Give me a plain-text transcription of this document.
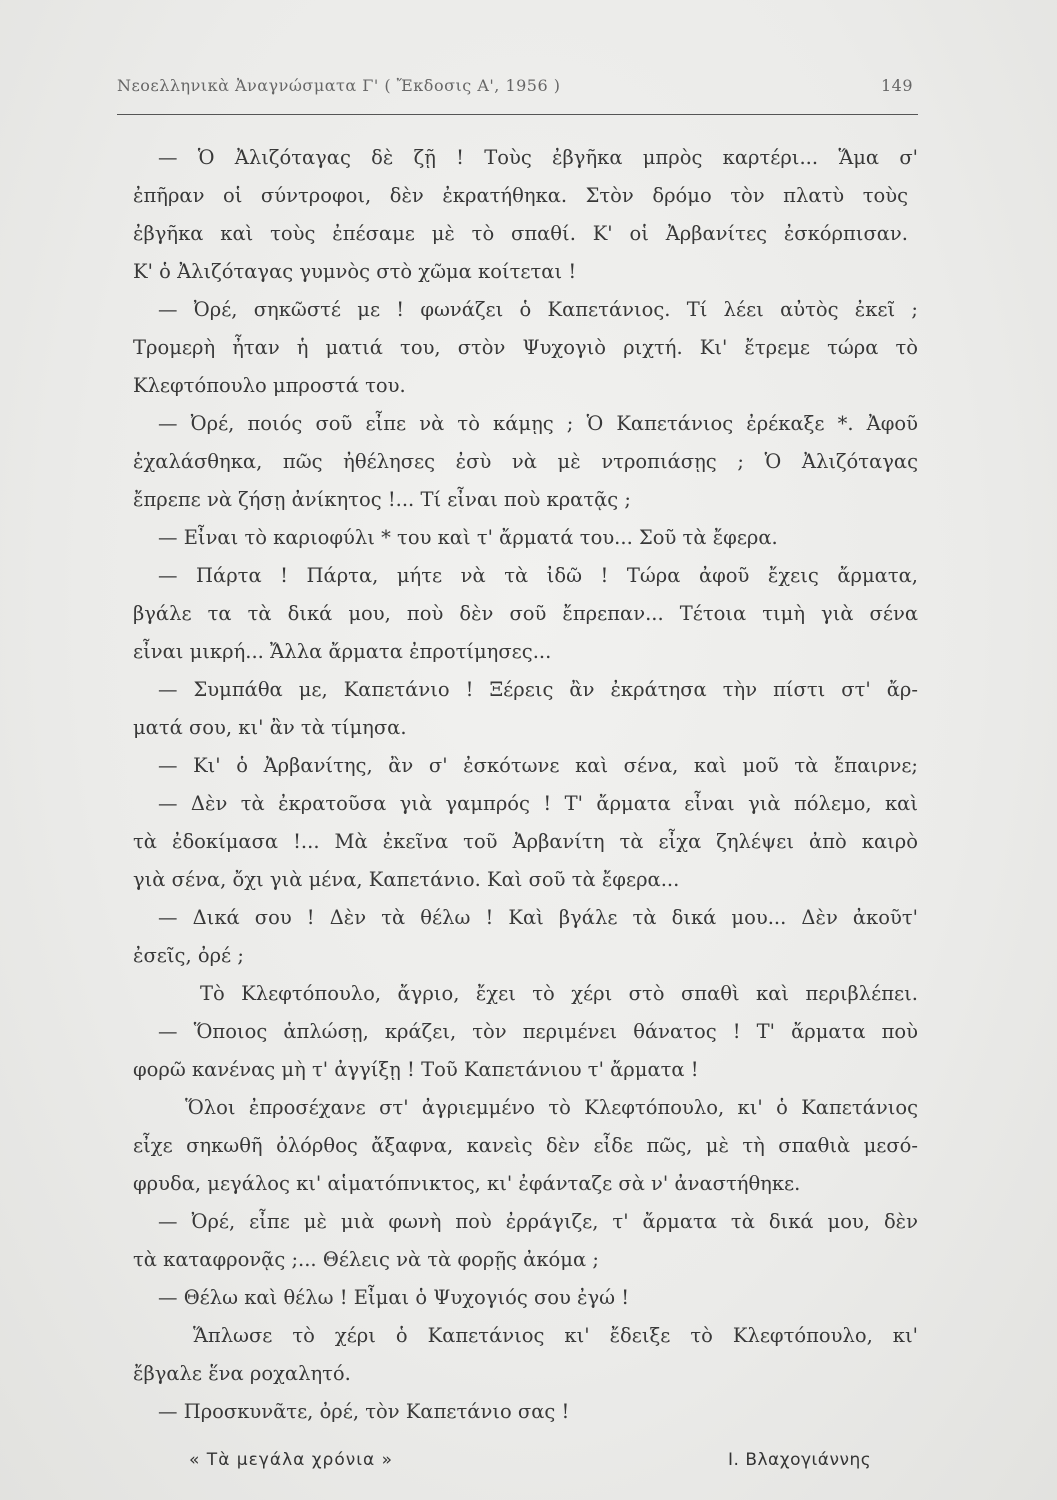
Νεοελληνικὰ Ἀναγνώσματα Γ' ( Ἔκδοσις Α', 1956 )	149
— Ὁ Ἀλιζόταγας δὲ ζῇ ! Τοὺς ἐβγῆκα μπρὸς καρτέρι... Ἅμα σ'
ἐπῆραν οἱ σύντροφοι, δὲν ἐκρατήθηκα. Στὸν δρόμο τὸν πλατὺ τοὺς
ἐβγῆκα καὶ τοὺς ἐπέσαμε μὲ τὸ σπαθί. Κ' οἱ Ἀρβανίτες ἐσκόρπισαν.
Κ' ὁ Ἀλιζόταγας γυμνὸς στὸ χῶμα κοίτεται !
— Ὀρέ, σηκῶστέ με ! φωνάζει ὁ Καπετάνιος. Τί λέει αὐτὸς ἐκεῖ ;
Τρομερὴ ἦταν ἡ ματιά του, στὸν Ψυχογιὸ ριχτή. Κι' ἔτρεμε τώρα τὸ
Κλεφτόπουλο μπροστά του.
— Ὀρέ, ποιός σοῦ εἶπε νὰ τὸ κάμῃς ; Ὁ Καπετάνιος ἐρέκαξε *. Ἀφοῦ
ἐχαλάσθηκα, πῶς ἠθέλησες ἐσὺ νὰ μὲ ντροπιάσῃς ; Ὁ Ἀλιζόταγας
ἔπρεπε νὰ ζήσῃ ἀνίκητος !... Τί εἶναι ποὺ κρατᾷς ;
— Εἶναι τὸ καριοφύλι * του καὶ τ' ἄρματά του... Σοῦ τὰ ἔφερα.
— Πάρτα ! Πάρτα, μήτε νὰ τὰ ἰδῶ ! Τώρα ἀφοῦ ἔχεις ἄρματα,
βγάλε τα τὰ δικά μου, ποὺ δὲν σοῦ ἔπρεπαν... Τέτοια τιμὴ γιὰ σένα
εἶναι μικρή... Ἄλλα ἄρματα ἐπροτίμησες...
— Συμπάθα με, Καπετάνιο ! Ξέρεις ἂν ἐκράτησα τὴν πίστι στ' ἄρ-
ματά σου, κι' ἂν τὰ τίμησα.
— Κι' ὁ Ἀρβανίτης, ἂν σ' ἐσκότωνε καὶ σένα, καὶ μοῦ τὰ ἔπαιρνε;
— Δὲν τὰ ἐκρατοῦσα γιὰ γαμπρός ! Τ' ἄρματα εἶναι γιὰ πόλεμο, καὶ
τὰ ἐδοκίμασα !... Μὰ ἐκεῖνα τοῦ Ἀρβανίτη τὰ εἶχα ζηλέψει ἀπὸ καιρὸ
γιὰ σένα, ὄχι γιὰ μένα, Καπετάνιο. Καὶ σοῦ τὰ ἔφερα...
— Δικά σου ! Δὲν τὰ θέλω ! Καὶ βγάλε τὰ δικά μου... Δὲν ἀκοῦτ'
ἐσεῖς, ὀρέ ;
Τὸ Κλεφτόπουλο, ἄγριο, ἔχει τὸ χέρι στὸ σπαθὶ καὶ περιβλέπει.
— Ὅποιος ἁπλώσῃ, κράζει, τὸν περιμένει θάνατος ! Τ' ἄρματα ποὺ
φορῶ κανένας μὴ τ' ἀγγίξῃ ! Τοῦ Καπετάνιου τ' ἄρματα !
Ὅλοι ἐπροσέχανε στ' ἀγριεμμένο τὸ Κλεφτόπουλο, κι' ὁ Καπετάνιος
εἶχε σηκωθῆ ὀλόρθος ἄξαφνα, κανεὶς δὲν εἶδε πῶς, μὲ τὴ σπαθιὰ μεσό-
φρυδα, μεγάλος κι' αἱματόπνικτος, κι' ἐφάνταζε σὰ ν' ἀναστήθηκε.
— Ὀρέ, εἶπε μὲ μιὰ φωνὴ ποὺ ἐρράγιζε, τ' ἄρματα τὰ δικά μου, δὲν
τὰ καταφρονᾷς ;... Θέλεις νὰ τὰ φορῇς ἀκόμα ;
— Θέλω καὶ θέλω ! Εἶμαι ὁ Ψυχογιός σου ἐγώ !
Ἅπλωσε τὸ χέρι ὁ Καπετάνιος κι' ἔδειξε τὸ Κλεφτόπουλο, κι'
ἔβγαλε ἕνα ροχαλητό.
— Προσκυνᾶτε, ὀρέ, τὸν Καπετάνιο σας !
« Τὰ μεγάλα χρόνια »	Ι. Βλαχογιάννης
